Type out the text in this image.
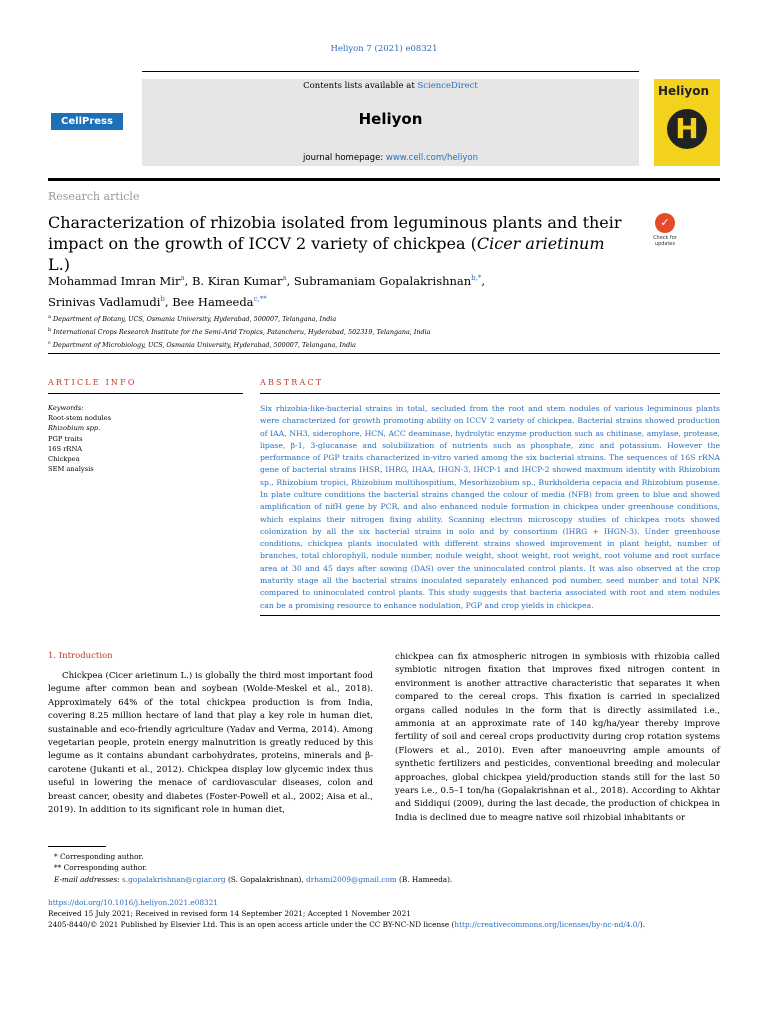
Heliyon 7 (2021) e08321
CellPress
Contents lists available at ScienceDirect
Heliyon
journal homepage: www.cell.com/heliyon
Heliyon
H
Research article
Characterization of rhizobia isolated from leguminous plants and their impact on the growth of ICCV 2 variety of chickpea (Cicer arietinum L.)
✓
Check for updates
Mohammad Imran Mir$^a$, B. Kiran Kumar$^a$, Subramaniam Gopalakrishnan$^{b,*}$,
Srinivas Vadlamudi$^b$, Bee Hameeda$^{c,**}$
$^a$ Department of Botany, UCS, Osmania University, Hyderabad, 500007, Telangana, India
$^b$ International Crops Research Institute for the Semi-Arid Tropics, Patancheru, Hyderabad, 502319, Telangana, India
$^c$ Department of Microbiology, UCS, Osmania University, Hyderabad, 500007, Telangana, India
ARTICLE INFO	ABSTRACT
Keywords:
Root-stem nodules
Rhizobium spp.
PGP traits
16S rRNA
Chickpea
SEM analysis
Six rhizobia-like-bacterial strains in total, secluded from the root and stem nodules of various leguminous plants were characterized for growth promoting ability on ICCV 2 variety of chickpea. Bacterial strains showed production of IAA, NH3, siderophore, HCN, ACC deaminase, hydrolytic enzyme production such as chitinase, amylase, protease, lipase, β-1, 3-glucanase and solubilization of nutrients such as phosphate, zinc and potassium. However the performance of PGP traits characterized in-vitro varied among the six bacterial strains. The sequences of 16S rRNA gene of bacterial strains IHSR, IHRG, IHAA, IHGN-3, IHCP-1 and IHCP-2 showed maximum identity with Rhizobium sp., Rhizobium tropici, Rhizobium multihospitium, Mesorhizobium sp., Burkholderia cepacia and Rhizobium pusense. In plate culture conditions the bacterial strains changed the colour of media (NFB) from green to blue and showed amplification of nifH gene by PCR, and also enhanced nodule formation in chickpea under greenhouse conditions, which explains their nitrogen fixing ability. Scanning electron microscopy studies of chickpea roots showed colonization by all the six bacterial strains in solo and by consortium (IHRG + IHGN-3). Under greenhouse conditions, chickpea plants inoculated with different strains showed improvement in plant height, number of branches, total chlorophyll, nodule number, nodule weight, shoot weight, root weight, root volume and root surface area at 30 and 45 days after sowing (DAS) over the uninoculated control plants. It was also observed at the crop maturity stage all the bacterial strains inoculated separately enhanced pod number, seed number and total NPK compared to uninoculated control plants. This study suggests that bacteria associated with root and stem nodules can be a promising resource to enhance nodulation, PGP and crop yields in chickpea.
1. Introduction
Chickpea (Cicer arietinum L.) is globally the third most important food legume after common bean and soybean (Wolde-Meskel et al., 2018). Approximately 64% of the total chickpea production is from India, covering 8.25 million hectare of land that play a key role in human diet, sustainable and eco-friendly agriculture (Yadav and Verma, 2014). Among vegetarian people, protein energy malnutrition is greatly reduced by this legume as it contains abundant carbohydrates, proteins, minerals and β-carotene (Jukanti et al., 2012). Chickpea display low glycemic index thus useful in lowering the menace of cardiovascular diseases, colon and breast cancer, obesity and diabetes (Foster-Powell et al., 2002; Aisa et al., 2019). In addition to its significant role in human diet,
chickpea can fix atmospheric nitrogen in symbiosis with rhizobia called symbiotic nitrogen fixation that improves fixed nitrogen content in environment is another attractive characteristic that separates it when compared to the cereal crops. This fixation is carried in specialized organs called nodules in the form that is directly assimilated i.e., ammonia at an approximate rate of 140 kg/ha/year thereby improve fertility of soil and cereal crops productivity during crop rotation systems (Flowers et al., 2010). Even after manoeuvring ample amounts of synthetic fertilizers and pesticides, conventional breeding and molecular approaches, global chickpea yield/production stands still for the last 50 years i.e., 0.5–1 ton/ha (Gopalakrishnan et al., 2018). According to Akhtar and Siddiqui (2009), during the last decade, the production of chickpea in India is declined due to meagre native soil rhizobial inhabitants or
* Corresponding author.
** Corresponding author.
E-mail addresses: s.gopalakrishnan@cgiar.org (S. Gopalakrishnan), drhami2009@gmail.com (B. Hameeda).
https://doi.org/10.1016/j.heliyon.2021.e08321
Received 15 July 2021; Received in revised form 14 September 2021; Accepted 1 November 2021
2405-8440/© 2021 Published by Elsevier Ltd. This is an open access article under the CC BY-NC-ND license (http://creativecommons.org/licenses/by-nc-nd/4.0/).
